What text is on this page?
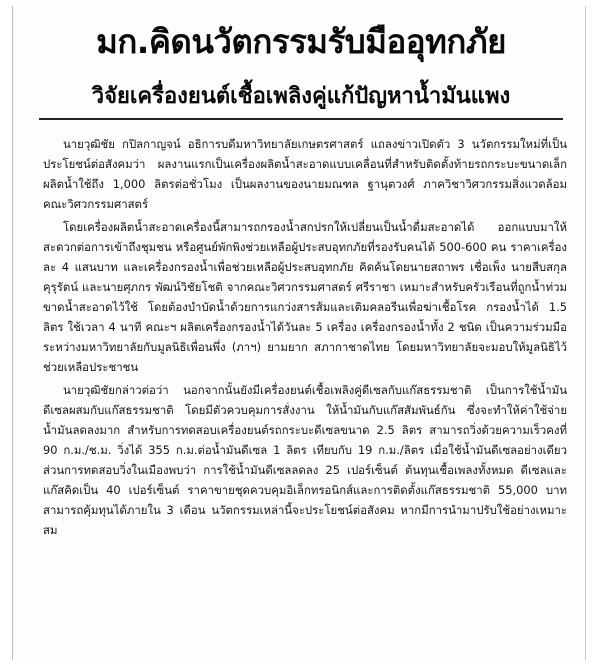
มก.คิดนวัตกรรมรับมืออุทกภัย
วิจัยเครื่องยนต์เชื้อเพลิงคู่แก้ปัญหาน้ำมันแพง

นายวุฒิชัย กปิลกาญจน์ อธิการบดีมหาวิทยาลัยเกษตรศาสตร์ แถลงข่าวเปิดตัว 3 นวัตกรรมใหม่ที่เป็นประโยชน์ต่อสังคมว่า ผลงานแรกเป็นเครื่องผลิตน้ำสะอาดแบบเคลื่อนที่สำหรับติดตั้งท้ายรถกระบะขนาดเล็ก ผลิตน้ำใช้ถึง 1,000 ลิตรต่อชั่วโมง เป็นผลงานของนายมณฑล ฐานุตวงศ์ ภาควิชาวิศวกรรมสิ่งแวดล้อม คณะวิศวกรรมศาสตร์

โดยเครื่องผลิตน้ำสะอาดเครื่องนี้สามารถกรองน้ำสกปรกให้เปลี่ยนเป็นน้ำดื่มสะอาดได้ ออกแบบมาให้สะดวกต่อการเข้าถึงชุมชน หรือศูนย์พักพิงช่วยเหลือผู้ประสบอุทกภัยที่รองรับคนได้ 500-600 คน ราคาเครื่องละ 4 แสนบาท และเครื่องกรองน้ำเพื่อช่วยเหลือผู้ประสบอุทกภัย คิดค้นโดยนายสถาพร เชื่อเพ็ง นายสืบสกุล คุรุรัตน์ และนายศุภกร พัฒน์วิชัยโชติ จากคณะวิศวกรรมศาสตร์ ศรีราชา เหมาะสำหรับครัวเรือนที่ถูกน้ำท่วม ขาดน้ำสะอาดไว้ใช้ โดยต้องบำบัดน้ำด้วยการแกว่งสารส้มและเติมคลอรีนเพื่อฆ่าเชื้อโรค กรองน้ำได้ 1.5 ลิตร ใช้เวลา 4 นาที คณะฯ ผลิตเครื่องกรองน้ำได้วันละ 5 เครื่อง เครื่องกรองน้ำทั้ง 2 ชนิด เป็นความร่วมมือระหว่างมหาวิทยาลัยกับมูลนิธิเพื่อนพึ่ง (ภาฯ) ยามยาก สภากาชาดไทย โดยมหาวิทยาลัยจะมอบให้มูลนิธิไว้ช่วยเหลือประชาชน

นายวุฒิชัยกล่าวต่อว่า นอกจากนั้นยังมีเครื่องยนต์เชื้อเพลิงคู่ดีเซลกับแก๊สธรรมชาติ เป็นการใช้น้ำมันดีเซลผสมกับแก๊สธรรมชาติ โดยมีตัวควบคุมการสั่งงาน ให้น้ำมันกับแก๊สสัมพันธ์กัน ซึ่งจะทำให้ค่าใช้จ่ายน้ำมันลดลงมาก สำหรับการทดสอบเครื่องยนต์รถกระบะดีเซลขนาด 2.5 ลิตร สามารถวิ่งด้วยความเร็วคงที่ 90 ก.ม./ช.ม. วิ่งได้ 355 ก.ม.ต่อน้ำมันดีเซล 1 ลิตร เทียบกับ 19 ก.ม./ลิตร เมื่อใช้น้ำมันดีเซลอย่างเดียว ส่วนการทดสอบวิ่งในเมืองพบว่า การใช้น้ำมันดีเซลลดลง 25 เปอร์เซ็นต์ ต้นทุนเชื้อเพลงทั้งหมด ดีเซลและแก๊สคิดเป็น 40 เปอร์เซ็นต์ ราคาขายชุดควบคุมอิเล็กทรอนิกส์และการติดตั้งแก๊สธรรมชาติ 55,000 บาท สามารถคุ้มทุนได้ภายใน 3 เดือน นวัตกรรมเหล่านี้จะประโยชน์ต่อสังคม หากมีการนำมาปรับใช้อย่างเหมาะสม
